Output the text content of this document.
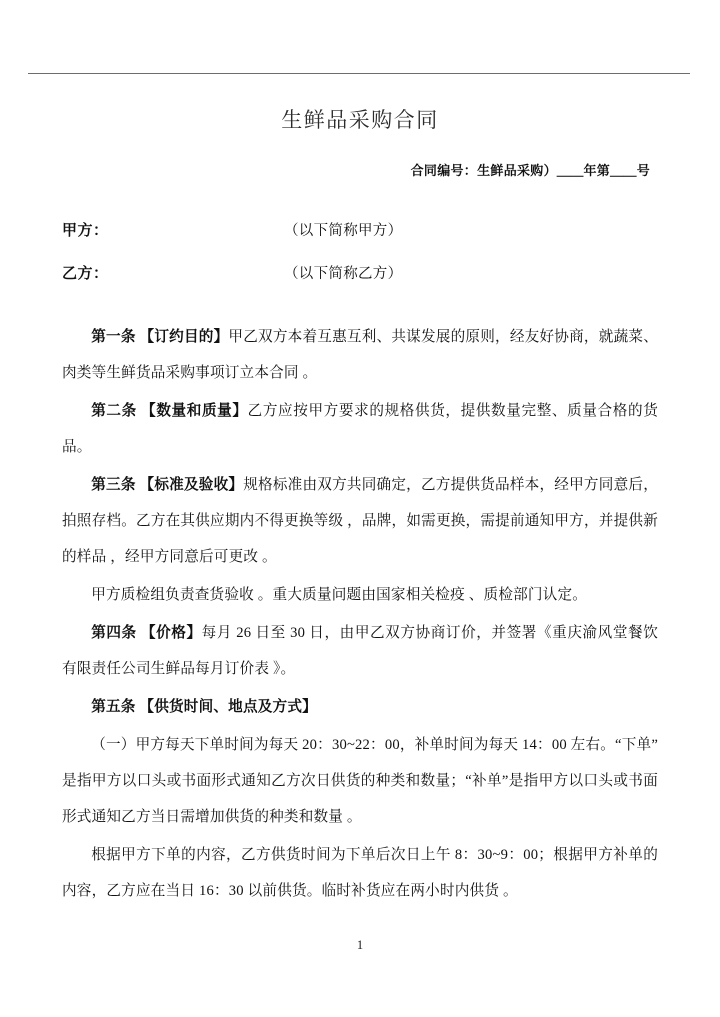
生鲜品采购合同
合同编号：生鲜品采购）＿＿年第＿＿号
甲方：	（以下简称甲方）
乙方：	（以下简称乙方）

第一条 【订约目的】甲乙双方本着互惠互利、共谋发展的原则，经友好协商，就蔬菜、肉类等生鲜货品采购事项订立本合同 。

第二条 【数量和质量】乙方应按甲方要求的规格供货，提供数量完整、质量合格的货品。

第三条 【标准及验收】规格标准由双方共同确定，乙方提供货品样本，经甲方同意后，拍照存档。乙方在其供应期内不得更换等级 ，品牌，如需更换，需提前通知甲方，并提供新的样品 ，经甲方同意后可更改 。

甲方质检组负责查货验收 。重大质量问题由国家相关检疫 、质检部门认定。

第四条 【价格】每月 26 日至 30 日，由甲乙双方协商订价，并签署《重庆渝风堂餐饮有限责任公司生鲜品每月订价表 》。

第五条 【供货时间、地点及方式】

（一）甲方每天下单时间为每天 20：30~22：00，补单时间为每天 14：00 左右。“下单”是指甲方以口头或书面形式通知乙方次日供货的种类和数量；“补单”是指甲方以口头或书面形式通知乙方当日需增加供货的种类和数量 。

根据甲方下单的内容，乙方供货时间为下单后次日上午 8：30~9：00；根据甲方补单的内容，乙方应在当日 16：30 以前供货。临时补货应在两小时内供货 。

1
